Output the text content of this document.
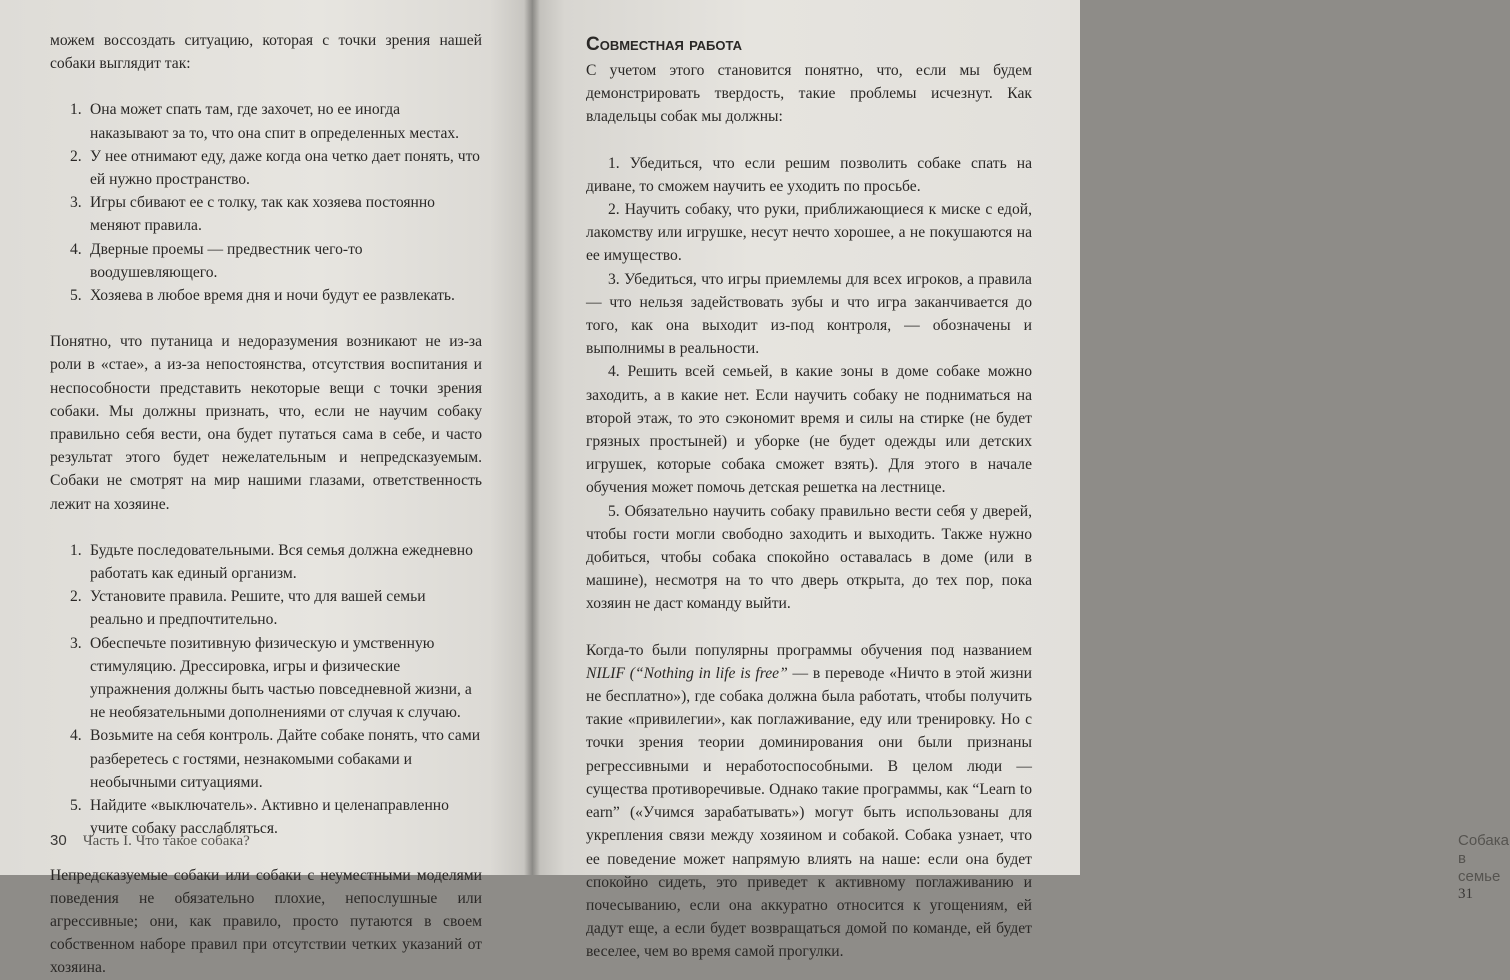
можем воссоздать ситуацию, которая с точки зрения нашей собаки выглядит так:

1. Она может спать там, где захочет, но ее иногда наказывают за то, что она спит в определенных местах.
2. У нее отнимают еду, даже когда она четко дает понять, что ей нужно пространство.
3. Игры сбивают ее с толку, так как хозяева постоянно меняют правила.
4. Дверные проемы — предвестник чего-то воодушевляющего.
5. Хозяева в любое время дня и ночи будут ее развлекать.

Понятно, что путаница и недоразумения возникают не из-за роли в «стае», а из-за непостоянства, отсутствия воспитания и неспособности представить некоторые вещи с точки зрения собаки. Мы должны признать, что, если не научим собаку правильно себя вести, она будет путаться сама в себе, и часто результат этого будет нежелательным и непредсказуемым. Собаки не смотрят на мир нашими глазами, ответственность лежит на хозяине.

1. Будьте последовательными. Вся семья должна ежедневно работать как единый организм.
2. Установите правила. Решите, что для вашей семьи реально и предпочтительно.
3. Обеспечьте позитивную физическую и умственную стимуляцию. Дрессировка, игры и физические упражнения должны быть частью повседневной жизни, а не необязательными дополнениями от случая к случаю.
4. Возьмите на себя контроль. Дайте собаке понять, что сами разберетесь с гостями, незнакомыми собаками и необычными ситуациями.
5. Найдите «выключатель». Активно и целенаправленно учите собаку расслабляться.

Непредсказуемые собаки или собаки с неуместными моделями поведения не обязательно плохие, непослушные или агрессивные; они, как правило, просто путаются в своем собственном наборе правил при отсутствии четких указаний от хозяина.

30 Часть I. Что такое собака?
Совместная работа

С учетом этого становится понятно, что, если мы будем демонстрировать твердость, такие проблемы исчезнут. Как владельцы собак мы должны:

1. Убедиться, что если решим позволить собаке спать на диване, то сможем научить ее уходить по просьбе.

2. Научить собаку, что руки, приближающиеся к миске с едой, лакомству или игрушке, несут нечто хорошее, а не покушаются на ее имущество.

3. Убедиться, что игры приемлемы для всех игроков, а правила — что нельзя задействовать зубы и что игра заканчивается до того, как она выходит из-под контроля, — обозначены и выполнимы в реальности.

4. Решить всей семьей, в какие зоны в доме собаке можно заходить, а в какие нет. Если научить собаку не подниматься на второй этаж, то это сэкономит время и силы на стирке (не будет грязных простыней) и уборке (не будет одежды или детских игрушек, которые собака сможет взять). Для этого в начале обучения может помочь детская решетка на лестнице.

5. Обязательно научить собаку правильно вести себя у дверей, чтобы гости могли свободно заходить и выходить. Также нужно добиться, чтобы собака спокойно оставалась в доме (или в машине), несмотря на то что дверь открыта, до тех пор, пока хозяин не даст команду выйти.

Когда-то были популярны программы обучения под названием NILIF (“Nothing in life is free” — в переводе «Ничто в этой жизни не бесплатно»), где собака должна была работать, чтобы получить такие «привилегии», как поглаживание, еду или тренировку. Но с точки зрения теории доминирования они были признаны регрессивными и неработоспособными. В целом люди — существа противоречивые. Однако такие программы, как “Learn to earn” («Учимся зарабатывать») могут быть использованы для укрепления связи между хозяином и собакой. Собака узнает, что ее поведение может напрямую влиять на наше: если она будет спокойно сидеть, это приведет к активному поглаживанию и почесыванию, если она аккуратно относится к угощениям, ей дадут еще, а если будет возвращаться домой по команде, ей будет веселее, чем во время самой прогулки.

Собака в семье 31
